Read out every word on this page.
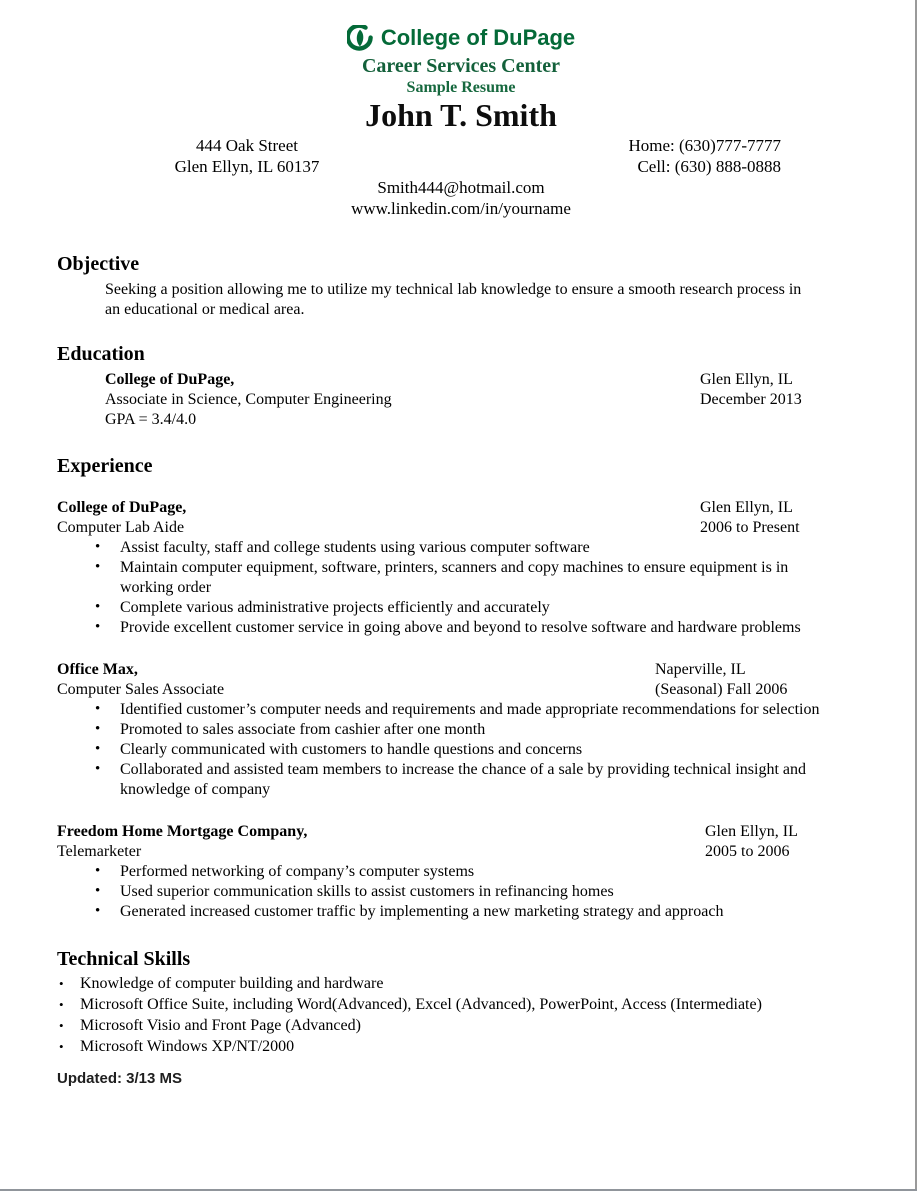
College of DuPage
Career Services Center
Sample Resume
John T. Smith
444 Oak Street
Glen Ellyn, IL 60137
Home: (630)777-7777
Cell: (630) 888-0888
Smith444@hotmail.com
www.linkedin.com/in/yourname
Objective
Seeking a position allowing me to utilize my technical lab knowledge to ensure a smooth research process in an educational or medical area.
Education
College of DuPage,
Associate in Science, Computer Engineering
GPA = 3.4/4.0
Glen Ellyn, IL
December 2013
Experience
College of DuPage,
Computer Lab Aide
Glen Ellyn, IL
2006 to Present
• Assist faculty, staff and college students using various computer software
• Maintain computer equipment, software, printers, scanners and copy machines to ensure equipment is in working order
• Complete various administrative projects efficiently and accurately
• Provide excellent customer service in going above and beyond to resolve software and hardware problems
Office Max,
Computer Sales Associate
Naperville, IL
(Seasonal) Fall 2006
• Identified customer’s computer needs and requirements and made appropriate recommendations for selection
• Promoted to sales associate from cashier after one month
• Clearly communicated with customers to handle questions and concerns
• Collaborated and assisted team members to increase the chance of a sale by providing technical insight and knowledge of company
Freedom Home Mortgage Company,
Telemarketer
Glen Ellyn, IL
2005 to 2006
• Performed networking of company’s computer systems
• Used superior communication skills to assist customers in refinancing homes
• Generated increased customer traffic by implementing a new marketing strategy and approach
Technical Skills
• Knowledge of computer building and hardware
• Microsoft Office Suite, including Word(Advanced), Excel (Advanced), PowerPoint, Access (Intermediate)
• Microsoft Visio and Front Page (Advanced)
• Microsoft Windows XP/NT/2000
Updated: 3/13 MS
